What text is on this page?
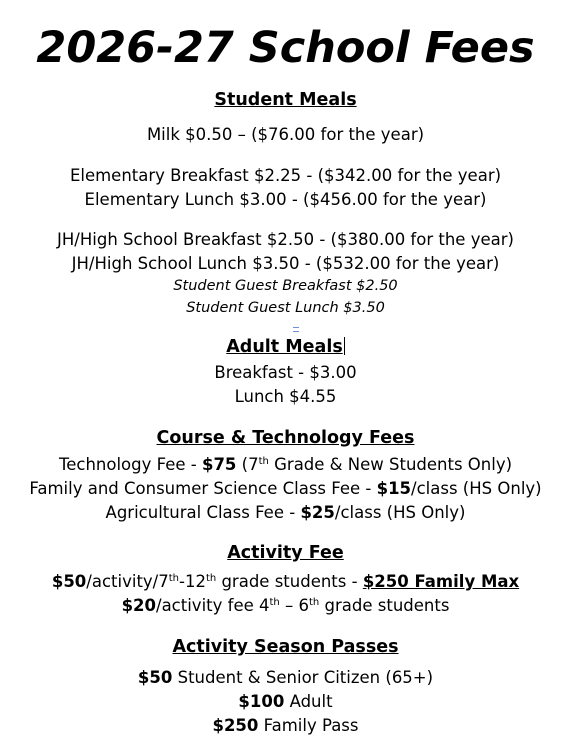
2026-27 School Fees
Student Meals
Milk $0.50 – ($76.00 for the year)
Elementary Breakfast $2.25 - ($342.00 for the year)
Elementary Lunch $3.00 - ($456.00 for the year)
JH/High School Breakfast $2.50 - ($380.00 for the year)
JH/High School Lunch $3.50 - ($532.00 for the year)
Student Guest Breakfast $2.50
Student Guest Lunch $3.50
Adult Meals
Breakfast - $3.00
Lunch $4.55
Course & Technology Fees
Technology Fee - $75 (7th Grade & New Students Only)
Family and Consumer Science Class Fee - $15/class (HS Only)
Agricultural Class Fee - $25/class (HS Only)
Activity Fee
$50/activity/7th-12th grade students - $250 Family Max
$20/activity fee 4th – 6th grade students
Activity Season Passes
$50 Student & Senior Citizen (65+)
$100 Adult
$250 Family Pass
